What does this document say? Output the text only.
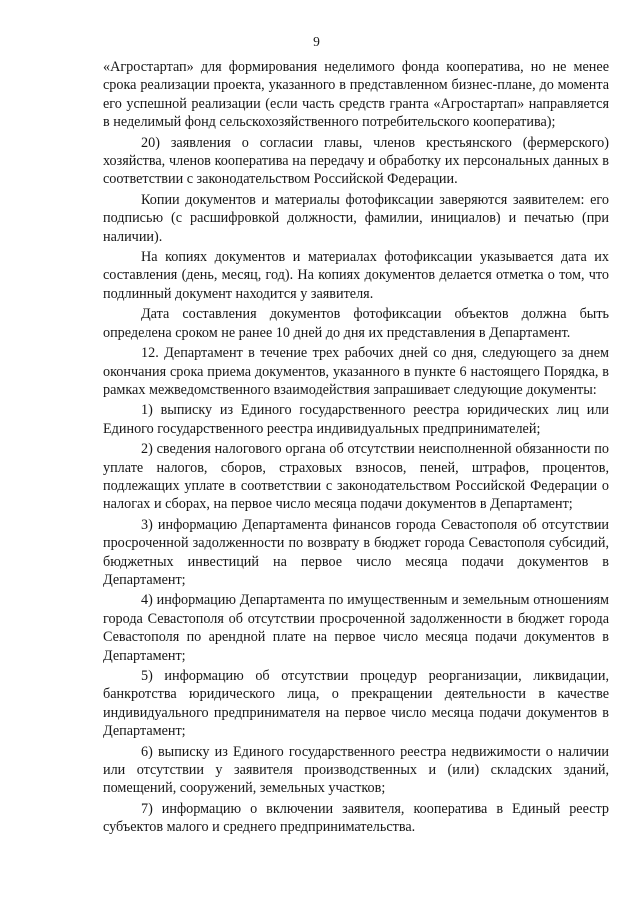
9

«Агростартап» для формирования неделимого фонда кооператива, но не менее срока реализации проекта, указанного в представленном бизнес-плане, до момента его успешной реализации (если часть средств гранта «Агростартап» направляется в неделимый фонд сельскохозяйственного потребительского кооператива);

20) заявления о согласии главы, членов крестьянского (фермерского) хозяйства, членов кооператива на передачу и обработку их персональных данных в соответствии с законодательством Российской Федерации.

Копии документов и материалы фотофиксации заверяются заявителем: его подписью (с расшифровкой должности, фамилии, инициалов) и печатью (при наличии).

На копиях документов и материалах фотофиксации указывается дата их составления (день, месяц, год). На копиях документов делается отметка о том, что подлинный документ находится у заявителя.

Дата составления документов фотофиксации объектов должна быть определена сроком не ранее 10 дней до дня их представления в Департамент.

12. Департамент в течение трех рабочих дней со дня, следующего за днем окончания срока приема документов, указанного в пункте 6 настоящего Порядка, в рамках межведомственного взаимодействия запрашивает следующие документы:

1) выписку из Единого государственного реестра юридических лиц или Единого государственного реестра индивидуальных предпринимателей;

2) сведения налогового органа об отсутствии неисполненной обязанности по уплате налогов, сборов, страховых взносов, пеней, штрафов, процентов, подлежащих уплате в соответствии с законодательством Российской Федерации о налогах и сборах, на первое число месяца подачи документов в Департамент;

3) информацию Департамента финансов города Севастополя об отсутствии просроченной задолженности по возврату в бюджет города Севастополя субсидий, бюджетных инвестиций на первое число месяца подачи документов в Департамент;

4) информацию Департамента по имущественным и земельным отношениям города Севастополя об отсутствии просроченной задолженности в бюджет города Севастополя по арендной плате на первое число месяца подачи документов в Департамент;

5) информацию об отсутствии процедур реорганизации, ликвидации, банкротства юридического лица, о прекращении деятельности в качестве индивидуального предпринимателя на первое число месяца подачи документов в Департамент;

6) выписку из Единого государственного реестра недвижимости о наличии или отсутствии у заявителя производственных и (или) складских зданий, помещений, сооружений, земельных участков;

7) информацию о включении заявителя, кооператива в Единый реестр субъектов малого и среднего предпринимательства.
